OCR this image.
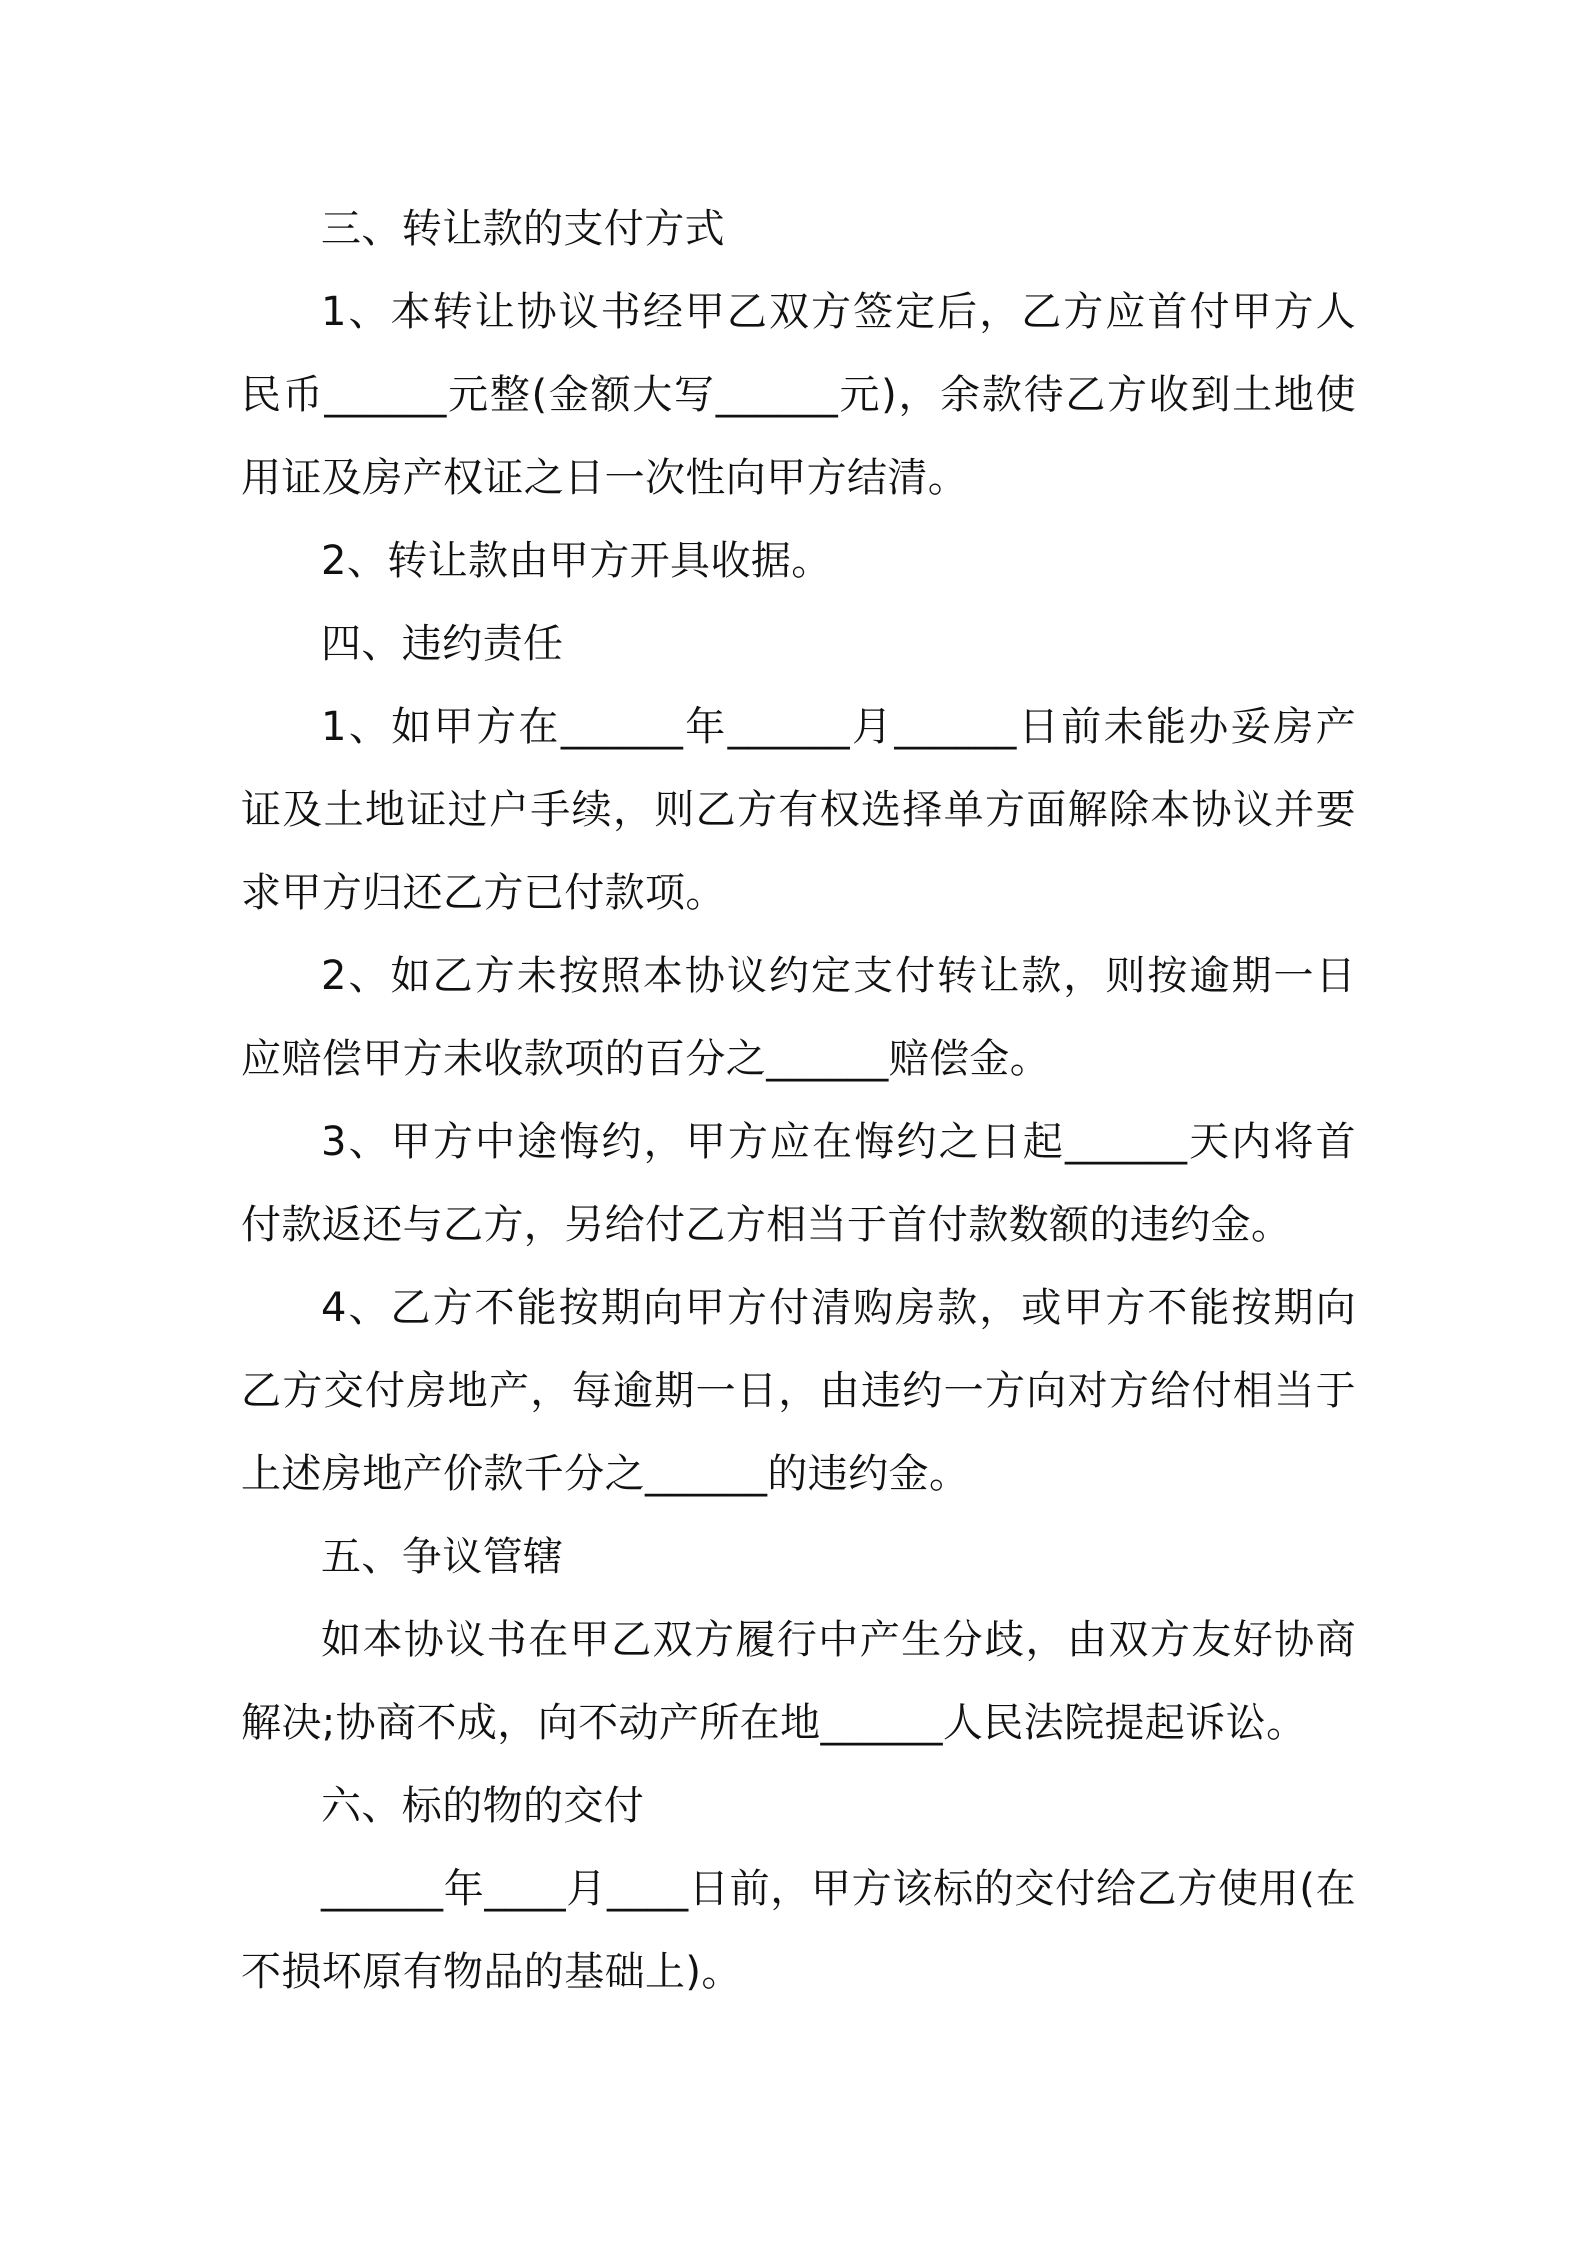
三、转让款的支付方式

1、本转让协议书经甲乙双方签定后，乙方应首付甲方人民币______元整(金额大写______元)，余款待乙方收到土地使用证及房产权证之日一次性向甲方结清。

2、转让款由甲方开具收据。

四、违约责任

1、如甲方在______年______月______日前未能办妥房产证及土地证过户手续，则乙方有权选择单方面解除本协议并要求甲方归还乙方已付款项。

2、如乙方未按照本协议约定支付转让款，则按逾期一日应赔偿甲方未收款项的百分之______赔偿金。

3、甲方中途悔约，甲方应在悔约之日起______天内将首付款返还与乙方，另给付乙方相当于首付款数额的违约金。

4、乙方不能按期向甲方付清购房款，或甲方不能按期向乙方交付房地产，每逾期一日，由违约一方向对方给付相当于上述房地产价款千分之______的违约金。

五、争议管辖

如本协议书在甲乙双方履行中产生分歧，由双方友好协商解决;协商不成，向不动产所在地______人民法院提起诉讼。

六、标的物的交付

______年____月____日前，甲方该标的交付给乙方使用(在不损坏原有物品的基础上)。
